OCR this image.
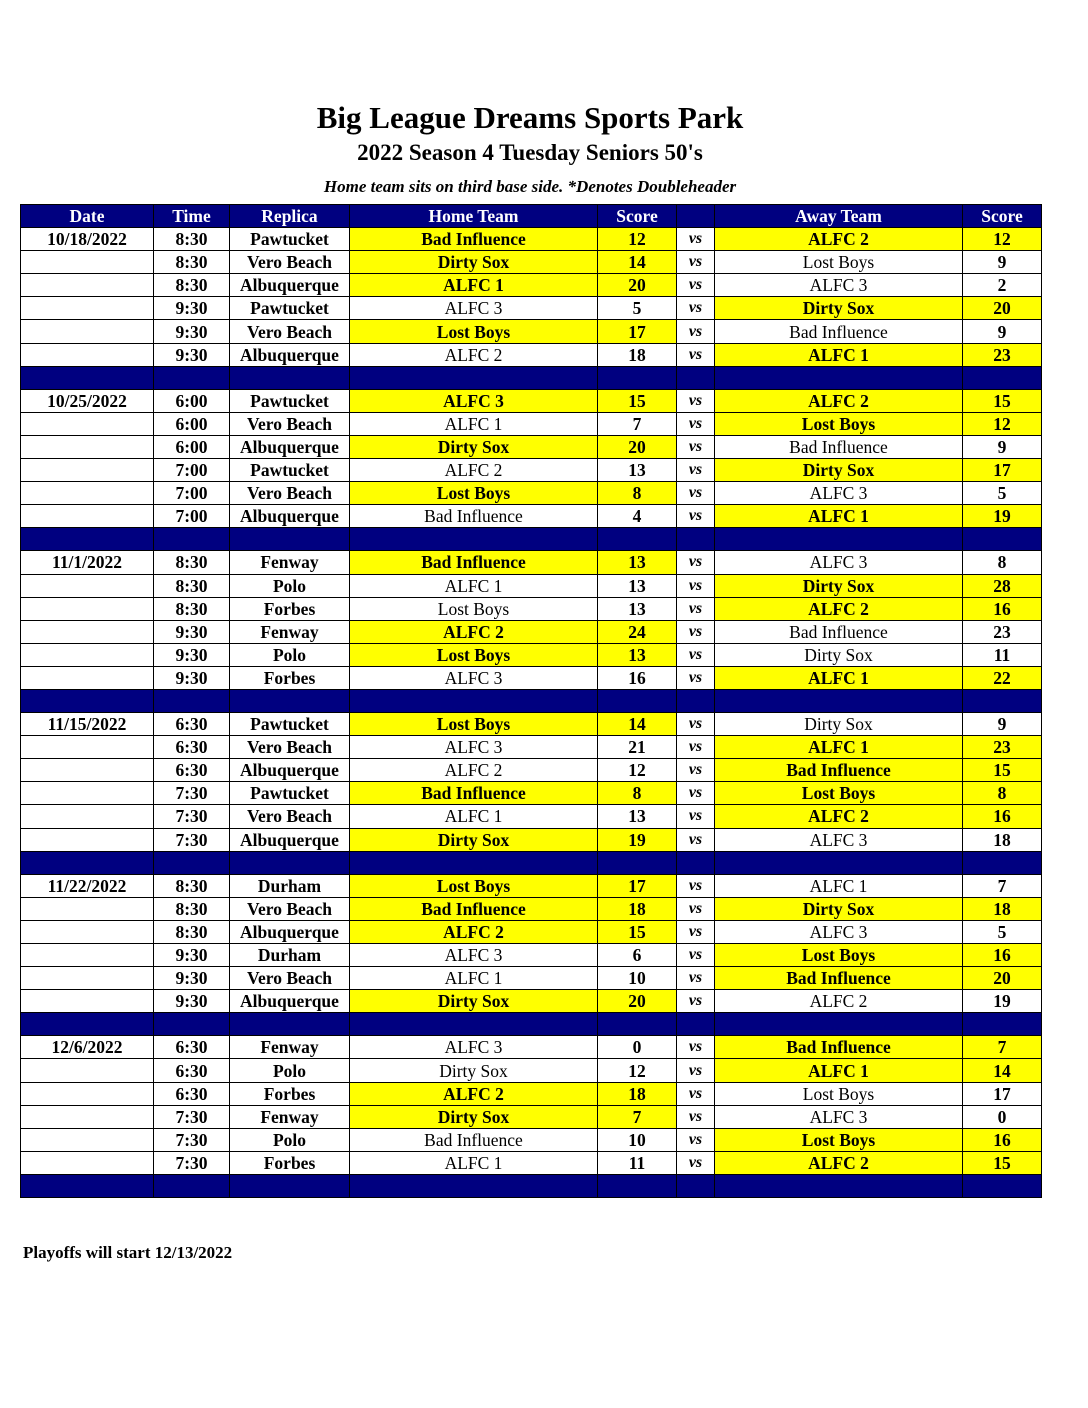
Big League Dreams Sports Park
2022 Season 4 Tuesday Seniors 50's
Home team sits on third base side. *Denotes Doubleheader
Date	Time	Replica	Home Team	Score		Away Team	Score
10/18/2022	8:30	Pawtucket	Bad Influence	12	vs	ALFC 2	12
	8:30	Vero Beach	Dirty Sox	14	vs	Lost Boys	9
	8:30	Albuquerque	ALFC 1	20	vs	ALFC 3	2
	9:30	Pawtucket	ALFC 3	5	vs	Dirty Sox	20
	9:30	Vero Beach	Lost Boys	17	vs	Bad Influence	9
	9:30	Albuquerque	ALFC 2	18	vs	ALFC 1	23

10/25/2022	6:00	Pawtucket	ALFC 3	15	vs	ALFC 2	15
	6:00	Vero Beach	ALFC 1	7	vs	Lost Boys	12
	6:00	Albuquerque	Dirty Sox	20	vs	Bad Influence	9
	7:00	Pawtucket	ALFC 2	13	vs	Dirty Sox	17
	7:00	Vero Beach	Lost Boys	8	vs	ALFC 3	5
	7:00	Albuquerque	Bad Influence	4	vs	ALFC 1	19

11/1/2022	8:30	Fenway	Bad Influence	13	vs	ALFC 3	8
	8:30	Polo	ALFC 1	13	vs	Dirty Sox	28
	8:30	Forbes	Lost Boys	13	vs	ALFC 2	16
	9:30	Fenway	ALFC 2	24	vs	Bad Influence	23
	9:30	Polo	Lost Boys	13	vs	Dirty Sox	11
	9:30	Forbes	ALFC 3	16	vs	ALFC 1	22

11/15/2022	6:30	Pawtucket	Lost Boys	14	vs	Dirty Sox	9
	6:30	Vero Beach	ALFC 3	21	vs	ALFC 1	23
	6:30	Albuquerque	ALFC 2	12	vs	Bad Influence	15
	7:30	Pawtucket	Bad Influence	8	vs	Lost Boys	8
	7:30	Vero Beach	ALFC 1	13	vs	ALFC 2	16
	7:30	Albuquerque	Dirty Sox	19	vs	ALFC 3	18

11/22/2022	8:30	Durham	Lost Boys	17	vs	ALFC 1	7
	8:30	Vero Beach	Bad Influence	18	vs	Dirty Sox	18
	8:30	Albuquerque	ALFC 2	15	vs	ALFC 3	5
	9:30	Durham	ALFC 3	6	vs	Lost Boys	16
	9:30	Vero Beach	ALFC 1	10	vs	Bad Influence	20
	9:30	Albuquerque	Dirty Sox	20	vs	ALFC 2	19

12/6/2022	6:30	Fenway	ALFC 3	0	vs	Bad Influence	7
	6:30	Polo	Dirty Sox	12	vs	ALFC 1	14
	6:30	Forbes	ALFC 2	18	vs	Lost Boys	17
	7:30	Fenway	Dirty Sox	7	vs	ALFC 3	0
	7:30	Polo	Bad Influence	10	vs	Lost Boys	16
	7:30	Forbes	ALFC 1	11	vs	ALFC 2	15

Playoffs will start 12/13/2022
